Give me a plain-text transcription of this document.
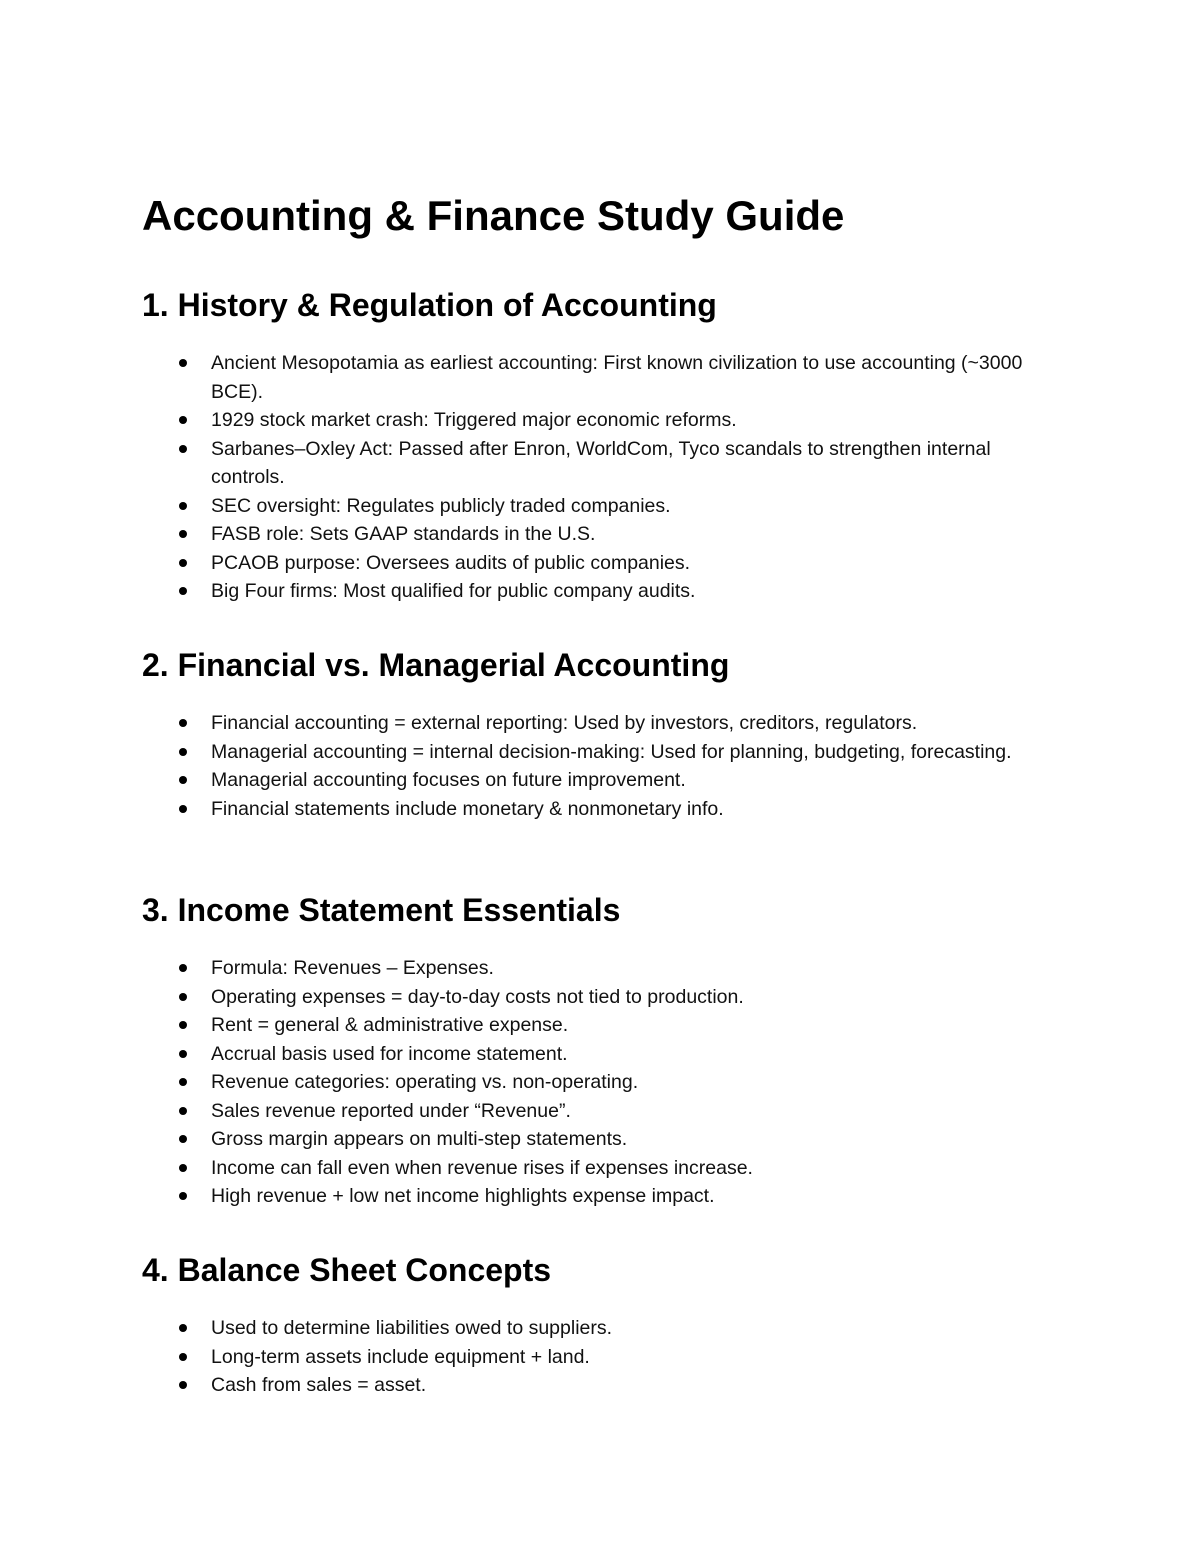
Accounting & Finance Study Guide
1. History & Regulation of Accounting
Ancient Mesopotamia as earliest accounting: First known civilization to use accounting (~3000 BCE).
1929 stock market crash: Triggered major economic reforms.
Sarbanes–Oxley Act: Passed after Enron, WorldCom, Tyco scandals to strengthen internal controls.
SEC oversight: Regulates publicly traded companies.
FASB role: Sets GAAP standards in the U.S.
PCAOB purpose: Oversees audits of public companies.
Big Four firms: Most qualified for public company audits.
2. Financial vs. Managerial Accounting
Financial accounting = external reporting: Used by investors, creditors, regulators.
Managerial accounting = internal decision-making: Used for planning, budgeting, forecasting.
Managerial accounting focuses on future improvement.
Financial statements include monetary & nonmonetary info.
3. Income Statement Essentials
Formula: Revenues – Expenses.
Operating expenses = day-to-day costs not tied to production.
Rent = general & administrative expense.
Accrual basis used for income statement.
Revenue categories: operating vs. non-operating.
Sales revenue reported under “Revenue”.
Gross margin appears on multi-step statements.
Income can fall even when revenue rises if expenses increase.
High revenue + low net income highlights expense impact.
4. Balance Sheet Concepts
Used to determine liabilities owed to suppliers.
Long-term assets include equipment + land.
Cash from sales = asset.
